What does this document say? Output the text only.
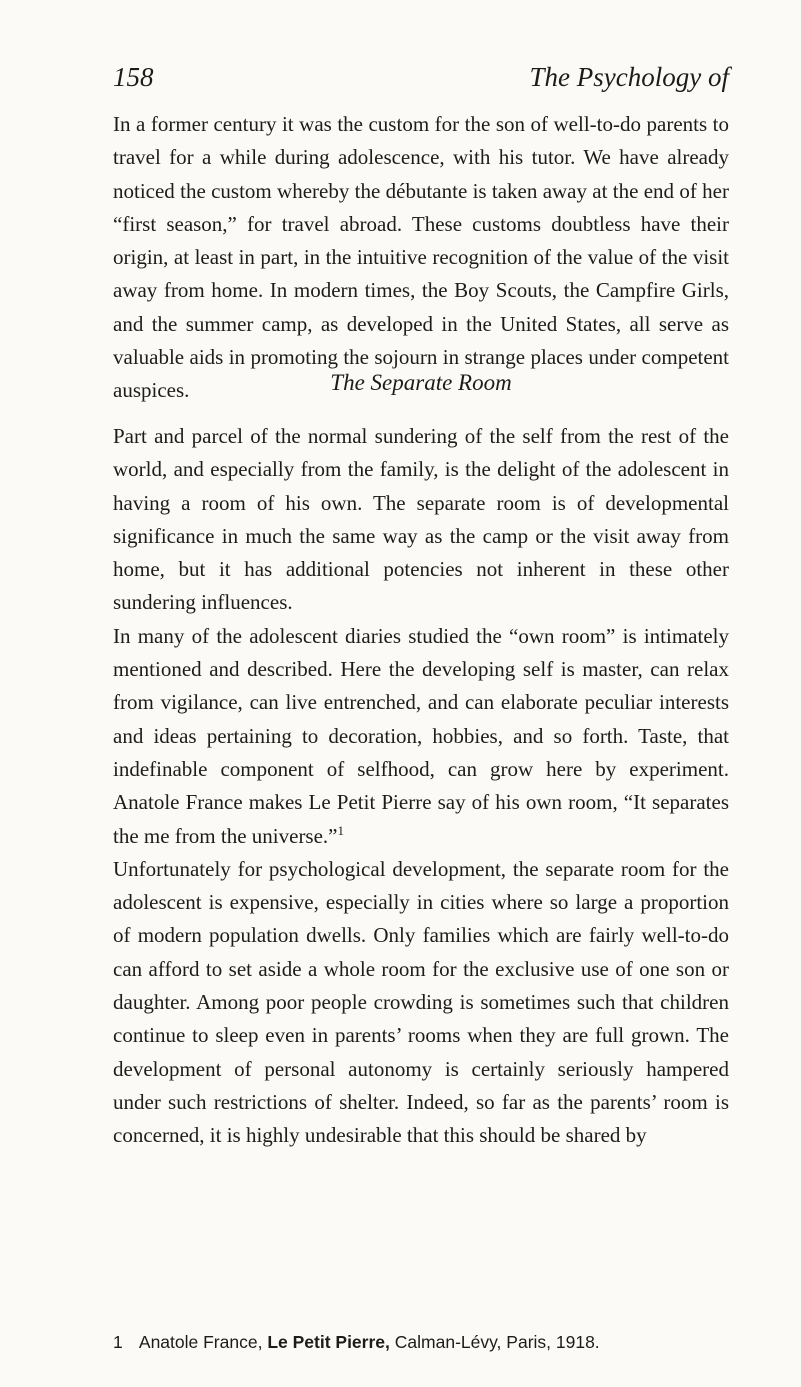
158	The Psychology of

In a former century it was the custom for the son of well-to-do parents to travel for a while during adolescence, with his tutor. We have already noticed the custom whereby the débutante is taken away at the end of her “first season,” for travel abroad. These customs doubtless have their origin, at least in part, in the intuitive recognition of the value of the visit away from home. In modern times, the Boy Scouts, the Campfire Girls, and the summer camp, as developed in the United States, all serve as valuable aids in promoting the sojourn in strange places under competent auspices.	The Separate Room

Part and parcel of the normal sundering of the self from the rest of the world, and especially from the family, is the delight of the adolescent in having a room of his own. The separate room is of developmental significance in much the same way as the camp or the visit away from home, but it has additional potencies not inherent in these other sundering influences.

In many of the adolescent diaries studied the “own room” is intimately mentioned and described. Here the developing self is master, can relax from vigilance, can live entrenched, and can elaborate peculiar interests and ideas pertaining to decoration, hobbies, and so forth. Taste, that indefinable component of selfhood, can grow here by experiment. Anatole France makes Le Petit Pierre say of his own room, “It separates the me from the universe.”$^1$

Unfortunately for psychological development, the separate room for the adolescent is expensive, especially in cities where so large a proportion of modern population dwells. Only families which are fairly well-to-do can afford to set aside a whole room for the exclusive use of one son or daughter. Among poor people crowding is sometimes such that children continue to sleep even in parents’ rooms when they are full grown. The development of personal autonomy is certainly seriously hampered under such restrictions of shelter. Indeed, so far as the parents’ room is concerned, it is highly undesirable that this should be shared by

1 Anatole France, Le Petit Pierre, Calman-Lévy, Paris, 1918.
